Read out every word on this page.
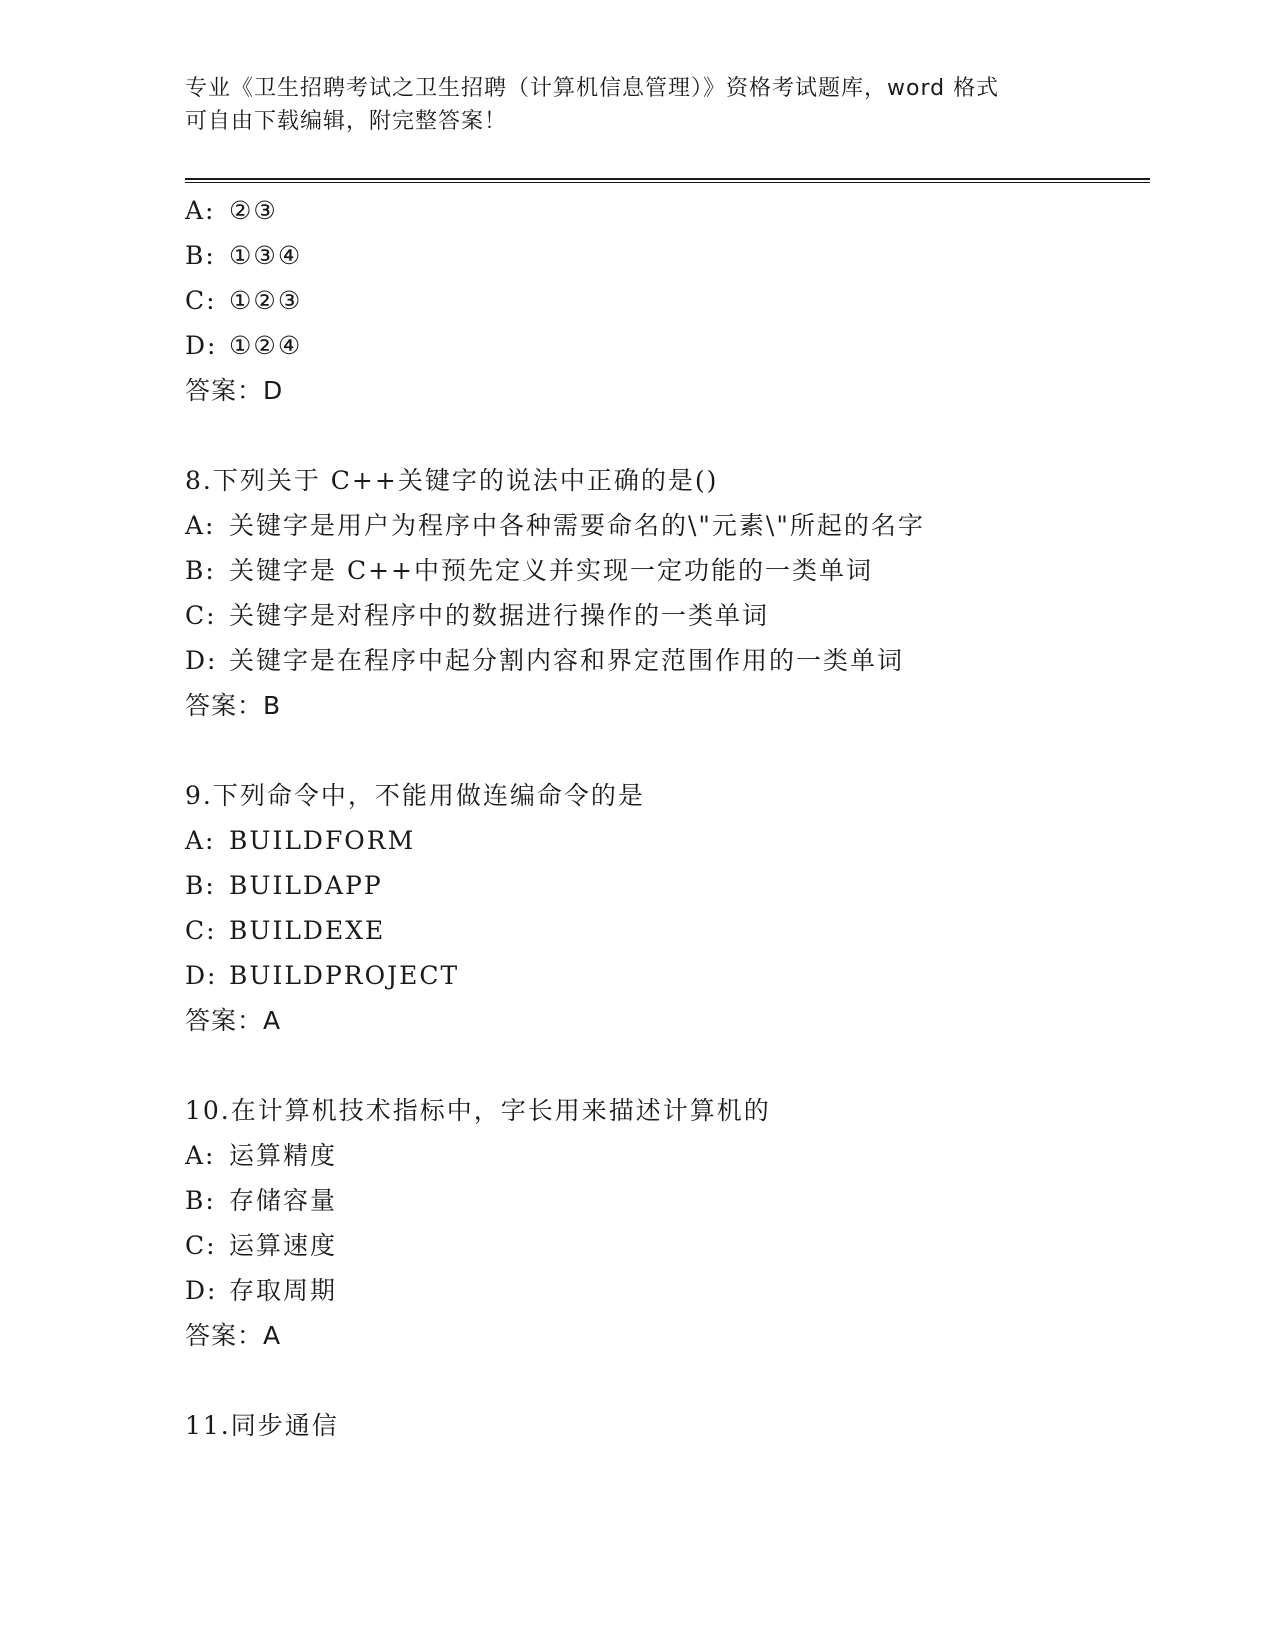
专业《卫生招聘考试之卫生招聘（计算机信息管理）》资格考试题库，word 格式
可自由下载编辑，附完整答案！
A: ②③
B: ①③④
C: ①②③
D: ①②④
答案：D
8.下列关于 C++关键字的说法中正确的是()
A: 关键字是用户为程序中各种需要命名的\"元素\"所起的名字
B: 关键字是 C++中预先定义并实现一定功能的一类单词
C: 关键字是对程序中的数据进行操作的一类单词
D: 关键字是在程序中起分割内容和界定范围作用的一类单词
答案：B
9.下列命令中，不能用做连编命令的是
A: BUILDFORM
B: BUILDAPP
C: BUILDEXE
D: BUILDPROJECT
答案：A
10.在计算机技术指标中，字长用来描述计算机的
A: 运算精度
B: 存储容量
C: 运算速度
D: 存取周期
答案：A
11.同步通信
